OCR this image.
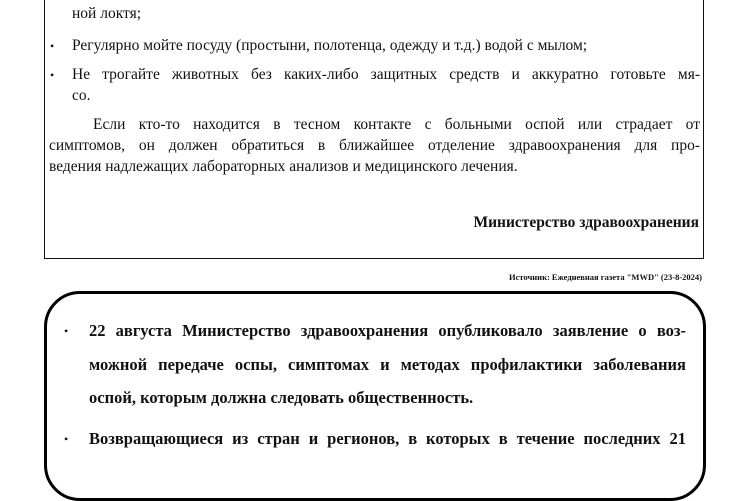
ной локтя;
• Регулярно мойте посуду (простыни, полотенца, одежду и т.д.) водой с мылом;
• Не трогайте животных без каких-либо защитных средств и аккуратно готовьте мя-
со.
Если кто-то находится в тесном контакте с больными оспой или страдает от
симптомов, он должен обратиться в ближайшее отделение здравоохранения для про-
ведения надлежащих лабораторных анализов и медицинского лечения.
Министерство здравоохранения
Источник: Ежедневная газета "MWD" (23-8-2024)
• 22 августа Министерство здравоохранения опубликовало заявление о воз-
можной передаче оспы, симптомах и методах профилактики заболевания
оспой, которым должна следовать общественность.
• Возвращающиеся из стран и регионов, в которых в течение последних 21
